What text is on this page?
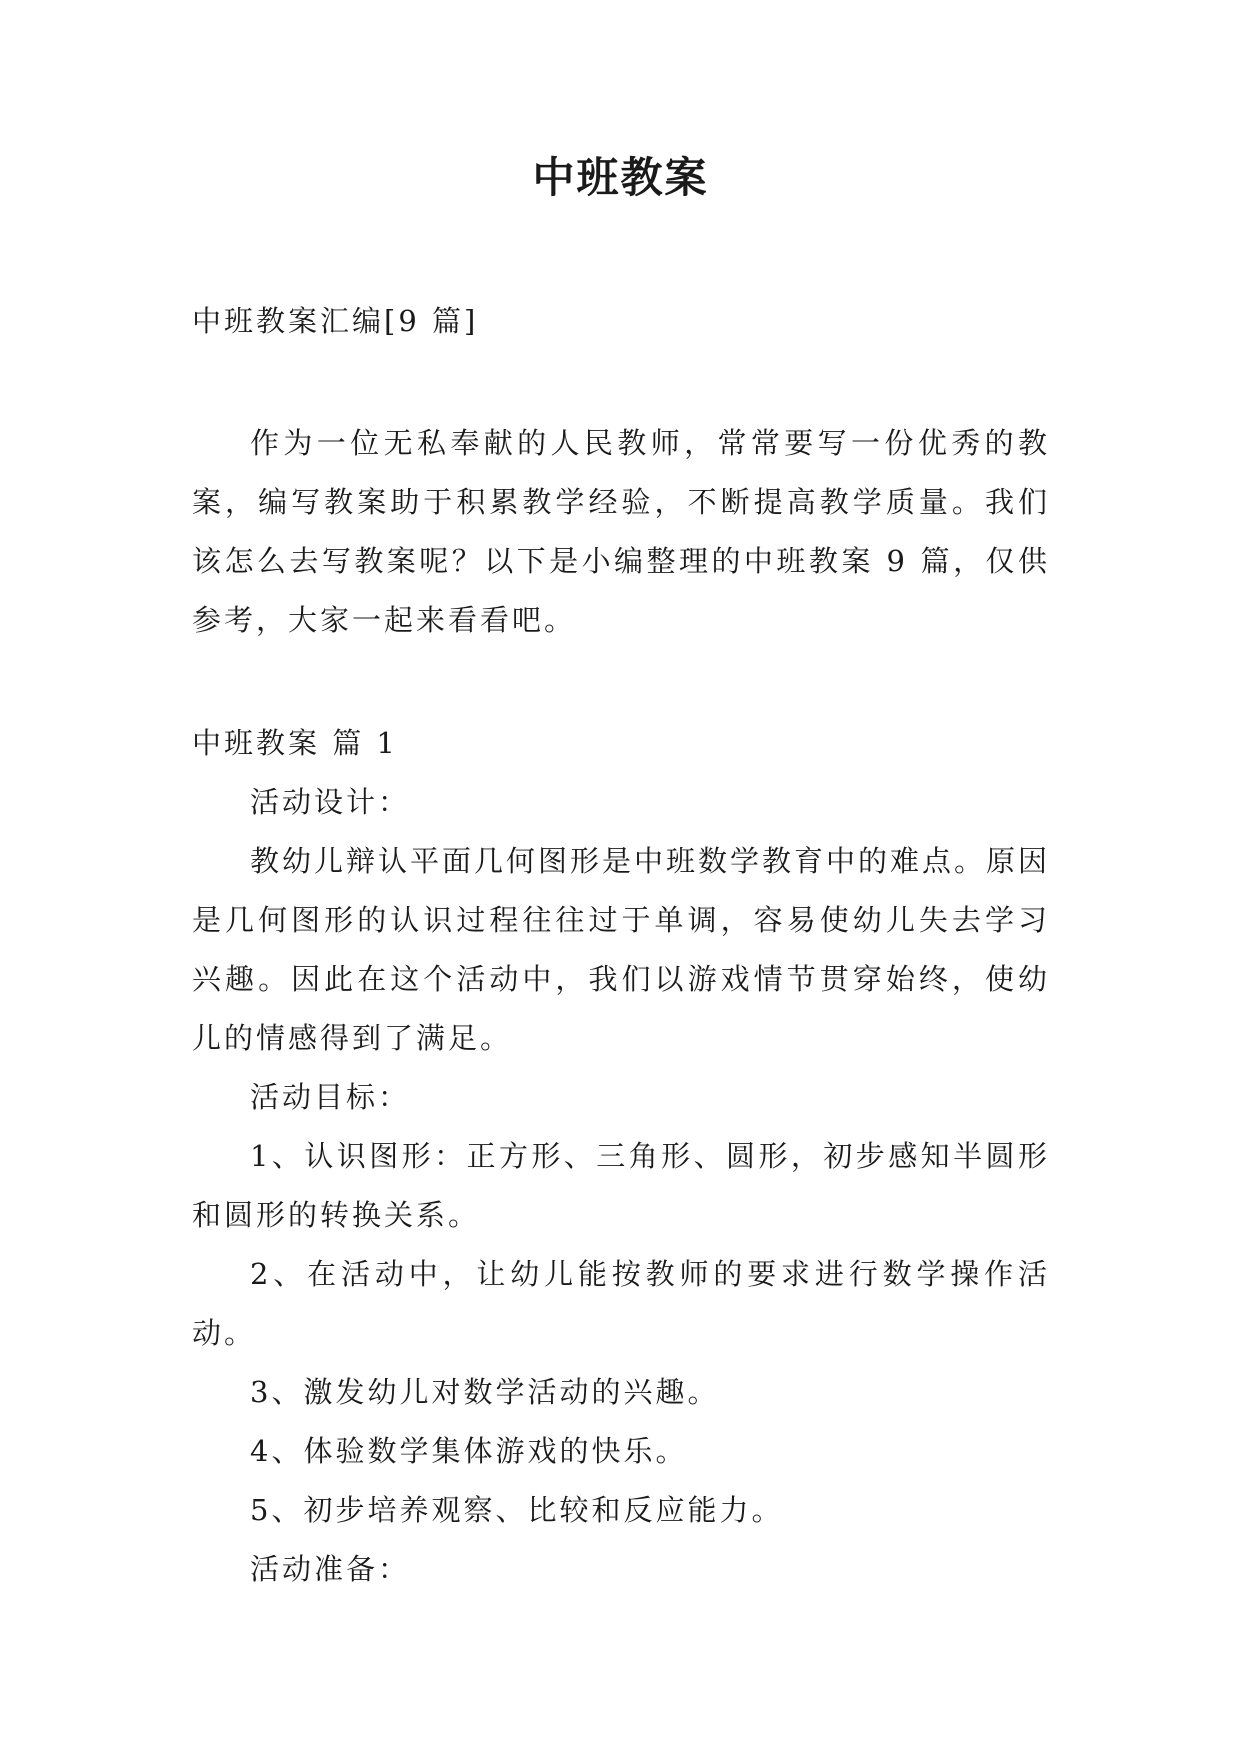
中班教案

中班教案汇编[9 篇]

作为一位无私奉献的人民教师，常常要写一份优秀的教案，编写教案助于积累教学经验，不断提高教学质量。我们该怎么去写教案呢？以下是小编整理的中班教案 9 篇，仅供参考，大家一起来看看吧。

中班教案 篇 1

活动设计：

教幼儿辩认平面几何图形是中班数学教育中的难点。原因是几何图形的认识过程往往过于单调，容易使幼儿失去学习兴趣。因此在这个活动中，我们以游戏情节贯穿始终，使幼儿的情感得到了满足。

活动目标：

1、认识图形：正方形、三角形、圆形，初步感知半圆形和圆形的转换关系。

2、在活动中，让幼儿能按教师的要求进行数学操作活动。

3、激发幼儿对数学活动的兴趣。

4、体验数学集体游戏的快乐。

5、初步培养观察、比较和反应能力。

活动准备：
